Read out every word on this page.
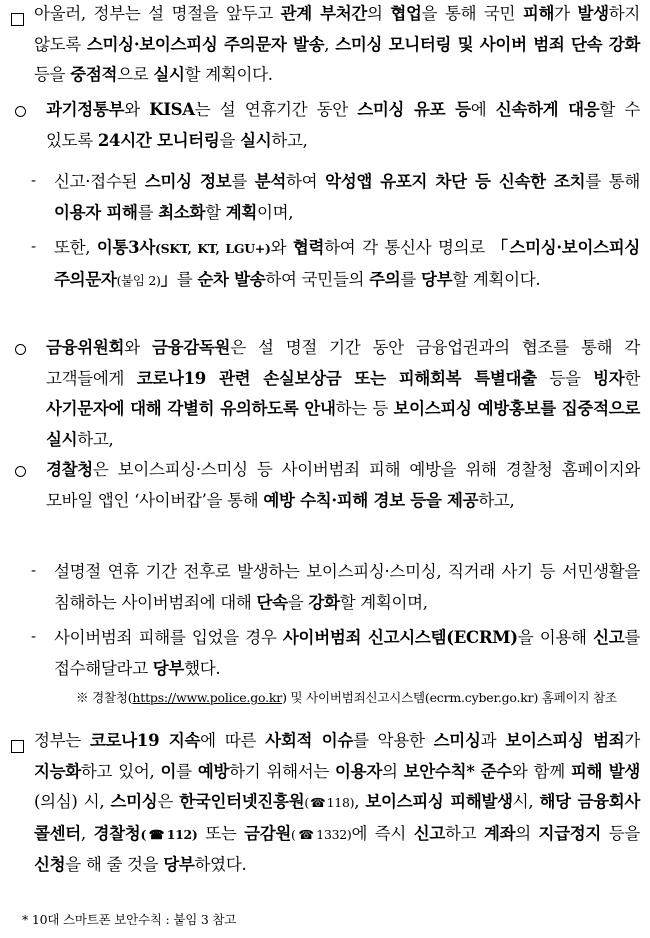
아울러, 정부는 설 명절을 앞두고 관계 부처간의 협업을 통해 국민 피해가 발생하지 않도록 스미싱·보이스피싱 주의문자 발송, 스미싱 모니터링 및 사이버 범죄 단속 강화 등을 중점적으로 실시할 계획이다.
과기정통부와 KISA는 설 연휴기간 동안 스미싱 유포 등에 신속하게 대응할 수 있도록 24시간 모니터링을 실시하고,
- 신고·접수된 스미싱 정보를 분석하여 악성앱 유포지 차단 등 신속한 조치를 통해 이용자 피해를 최소화할 계획이며,
- 또한, 이통3사(SKT, KT, LGU+)와 협력하여 각 통신사 명의로 「스미싱·보이스피싱 주의문자(붙임 2)」를 순차 발송하여 국민들의 주의를 당부할 계획이다.
금융위원회와 금융감독원은 설 명절 기간 동안 금융업권과의 협조를 통해 각 고객들에게 코로나19 관련 손실보상금 또는 피해회복 특별대출 등을 빙자한 사기문자에 대해 각별히 유의하도록 안내하는 등 보이스피싱 예방홍보를 집중적으로 실시하고,
경찰청은 보이스피싱·스미싱 등 사이버범죄 피해 예방을 위해 경찰청 홈페이지와 모바일 앱인 ‘사이버캅’을 통해 예방 수칙·피해 경보 등을 제공하고,
- 설명절 연휴 기간 전후로 발생하는 보이스피싱·스미싱, 직거래 사기 등 서민생활을 침해하는 사이버범죄에 대해 단속을 강화할 계획이며,
- 사이버범죄 피해를 입었을 경우 사이버범죄 신고시스템(ECRM)을 이용해 신고를 접수해달라고 당부했다.
※ 경찰청(https://www.police.go.kr) 및 사이버범죄신고시스템(ecrm.cyber.go.kr) 홈페이지 참조
정부는 코로나19 지속에 따른 사회적 이슈를 악용한 스미싱과 보이스피싱 범죄가 지능화하고 있어, 이를 예방하기 위해서는 이용자의 보안수칙* 준수와 함께 피해 발생(의심) 시, 스미싱은 한국인터넷진흥원(☎118), 보이스피싱 피해발생시, 해당 금융회사 콜센터, 경찰청(☎112) 또는 금감원(☎1332)에 즉시 신고하고 계좌의 지급정지 등을 신청을 해 줄 것을 당부하였다.
* 10대 스마트폰 보안수칙 : 붙임 3 참고
